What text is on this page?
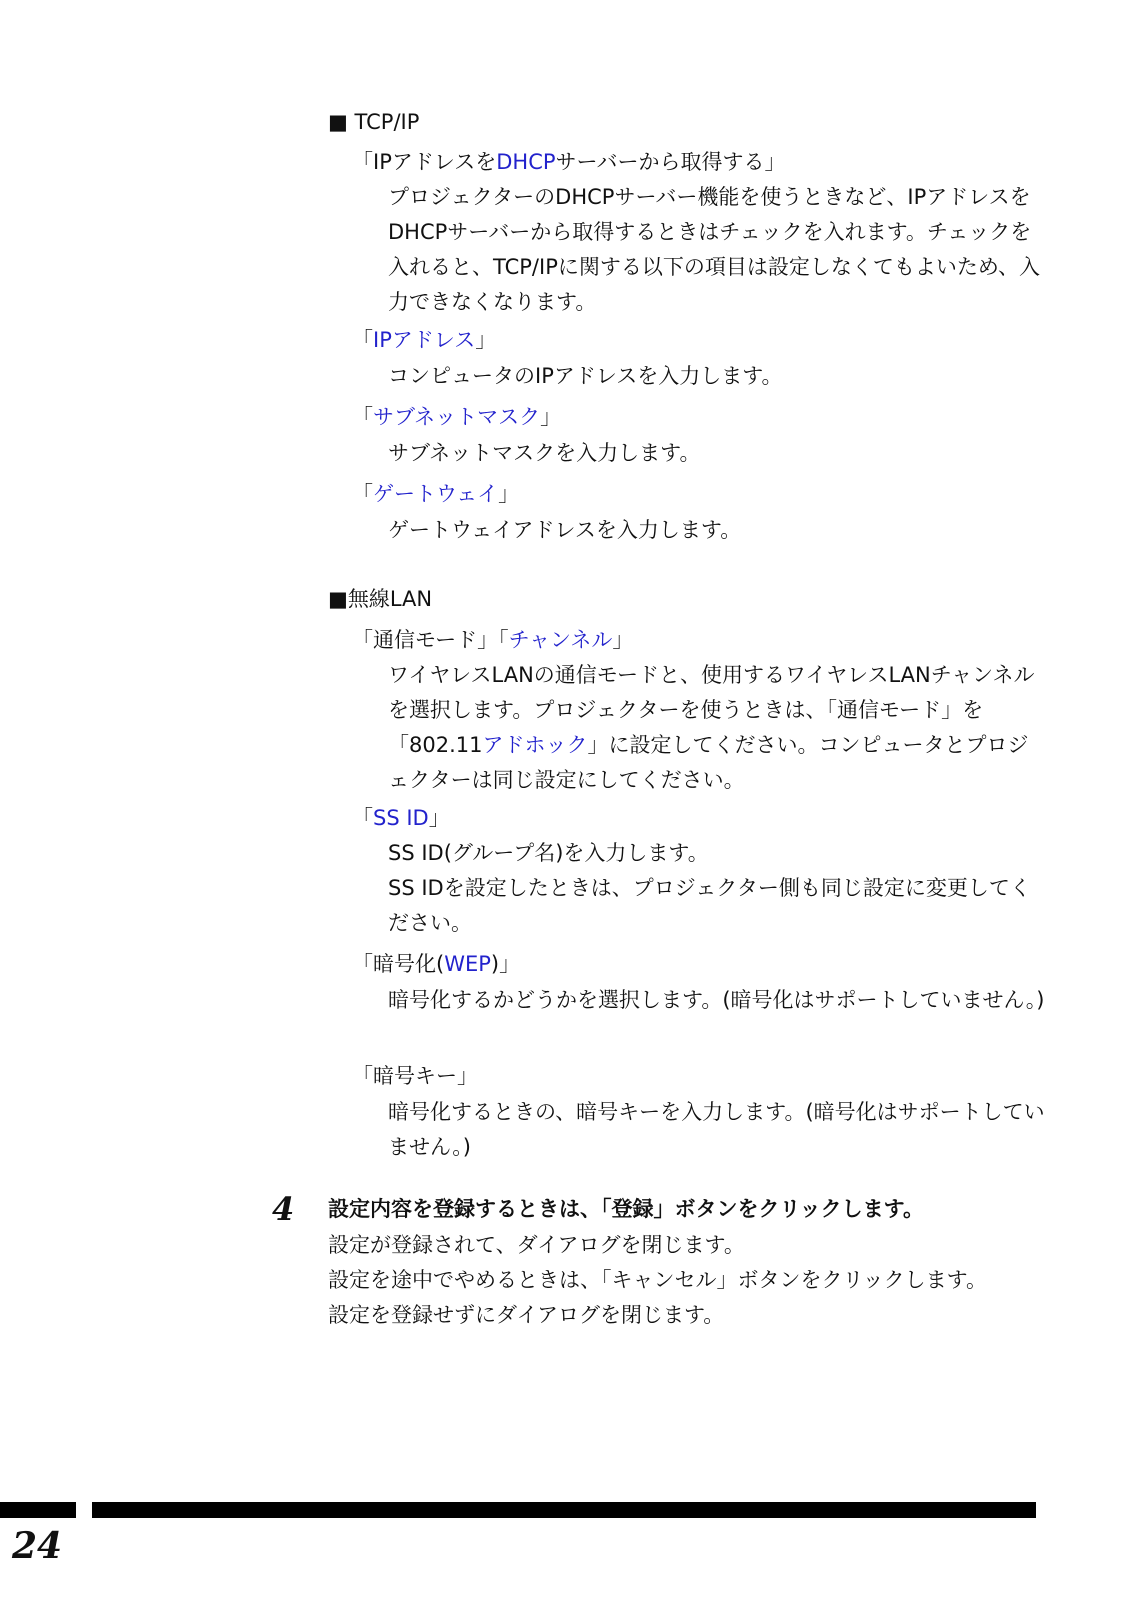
■ TCP/IP
「IPアドレスをDHCPサーバーから取得する」
プロジェクターのDHCPサーバー機能を使うときなど、IPアドレスをDHCPサーバーから取得するときはチェックを入れます。チェックを入れると、TCP/IPに関する以下の項目は設定しなくてもよいため、入力できなくなります。
「IPアドレス」
コンピュータのIPアドレスを入力します。
「サブネットマスク」
サブネットマスクを入力します。
「ゲートウェイ」
ゲートウェイアドレスを入力します。
■無線LAN
「通信モード」「チャンネル」
ワイヤレスLANの通信モードと、使用するワイヤレスLANチャンネルを選択します。プロジェクターを使うときは、「通信モード」を「802.11アドホック」に設定してください。コンピュータとプロジェクターは同じ設定にしてください。
「SS ID」
SS ID(グループ名)を入力します。
SS IDを設定したときは、プロジェクター側も同じ設定に変更してください。
「暗号化(WEP)」
暗号化するかどうかを選択します。(暗号化はサポートしていません。)
「暗号キー」
暗号化するときの、暗号キーを入力します。(暗号化はサポートしていません。)
4 設定内容を登録するときは、「登録」ボタンをクリックします。
設定が登録されて、ダイアログを閉じます。
設定を途中でやめるときは、「キャンセル」ボタンをクリックします。
設定を登録せずにダイアログを閉じます。
24
